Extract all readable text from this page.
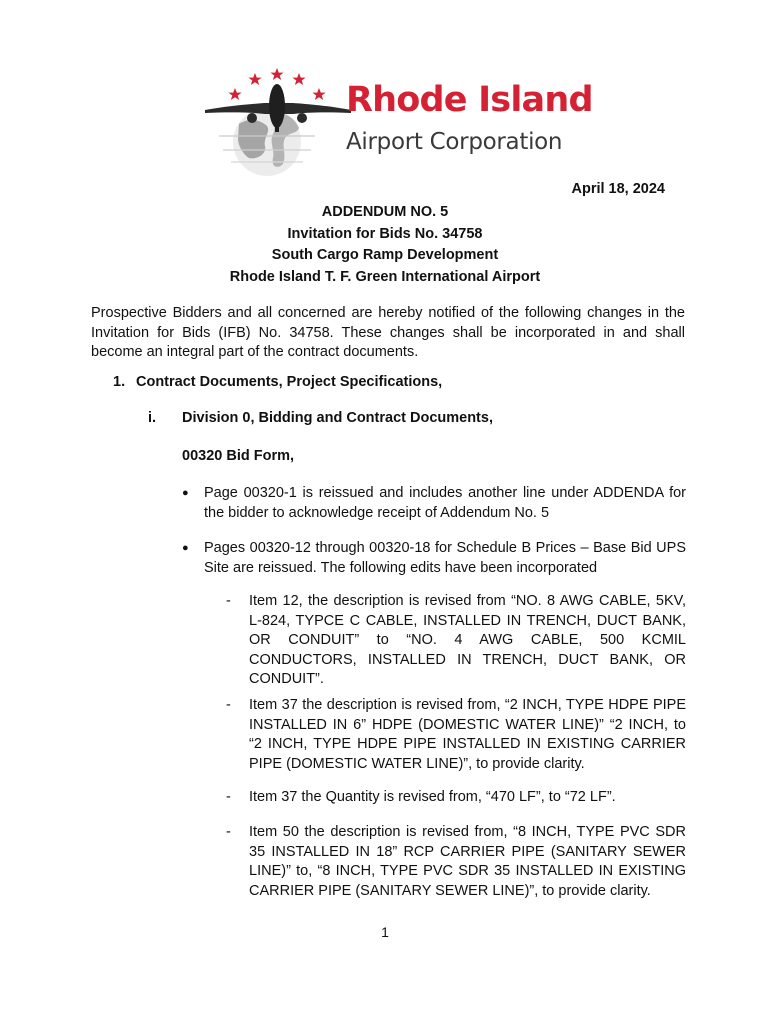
Rhode Island
Airport Corporation
April 18, 2024
ADDENDUM NO. 5
Invitation for Bids No. 34758
South Cargo Ramp Development
Rhode Island T. F. Green International Airport

Prospective Bidders and all concerned are hereby notified of the following changes in the Invitation for Bids (IFB) No. 34758. These changes shall be incorporated in and shall become an integral part of the contract documents.

1. Contract Documents, Project Specifications,
i. Division 0, Bidding and Contract Documents,
00320 Bid Form,
● Page 00320-1 is reissued and includes another line under ADDENDA for the bidder to acknowledge receipt of Addendum No. 5
● Pages 00320-12 through 00320-18 for Schedule B Prices – Base Bid UPS Site are reissued. The following edits have been incorporated
- Item 12, the description is revised from “NO. 8 AWG CABLE, 5KV, L-824, TYPCE C CABLE, INSTALLED IN TRENCH, DUCT BANK, OR CONDUIT” to “NO. 4 AWG CABLE, 500 KCMIL CONDUCTORS, INSTALLED IN TRENCH, DUCT BANK, OR CONDUIT”.
- Item 37 the description is revised from, “2 INCH, TYPE HDPE PIPE INSTALLED IN 6” HDPE (DOMESTIC WATER LINE)” “2 INCH, to “2 INCH, TYPE HDPE PIPE INSTALLED IN EXISTING CARRIER PIPE (DOMESTIC WATER LINE)”, to provide clarity.
- Item 37 the Quantity is revised from, “470 LF”, to “72 LF”.
- Item 50 the description is revised from, “8 INCH, TYPE PVC SDR 35 INSTALLED IN 18” RCP CARRIER PIPE (SANITARY SEWER LINE)” to, “8 INCH, TYPE PVC SDR 35 INSTALLED IN EXISTING CARRIER PIPE (SANITARY SEWER LINE)”, to provide clarity.
1
